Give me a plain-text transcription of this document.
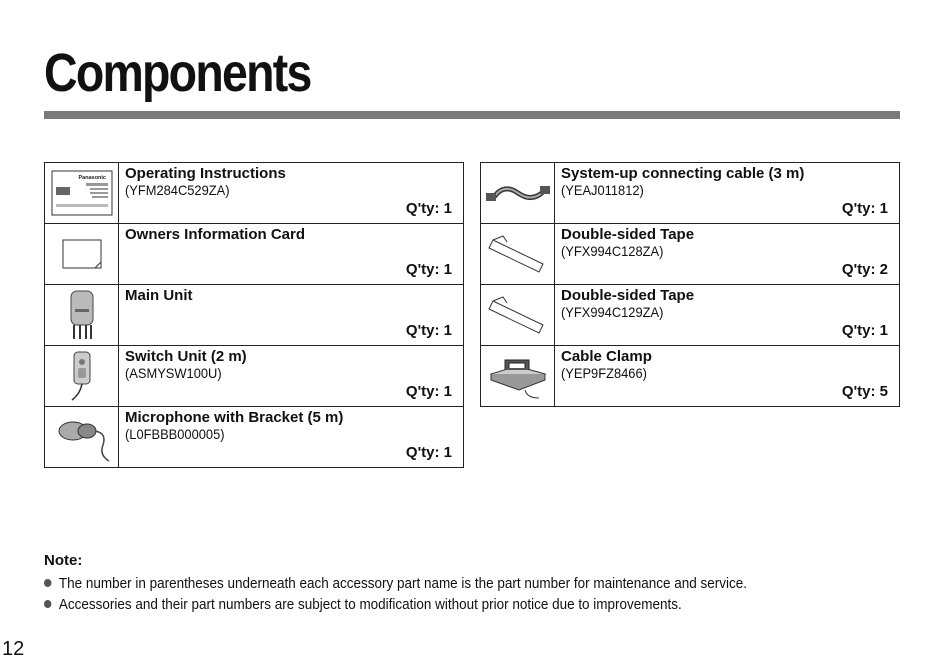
Components
Panasonic	Operating Instructions
(YFM284C529ZA)
Q'ty: 1

Owners Information Card
Q'ty: 1

Main Unit
Q'ty: 1

Switch Unit (2 m)
(ASMYSW100U)
Q'ty: 1

Microphone with Bracket (5 m)
(L0FBBB000005)
Q'ty: 1

System-up connecting cable (3 m)
(YEAJ011812)
Q'ty: 1

Double-sided Tape
(YFX994C128ZA)
Q'ty: 2

Double-sided Tape
(YFX994C129ZA)
Q'ty: 1

Cable Clamp
(YEP9FZ8466)
Q'ty: 5
Note:
The number in parentheses underneath each accessory part name is the part number for maintenance and service.
Accessories and their part numbers are subject to modification without prior notice due to improvements.
12
